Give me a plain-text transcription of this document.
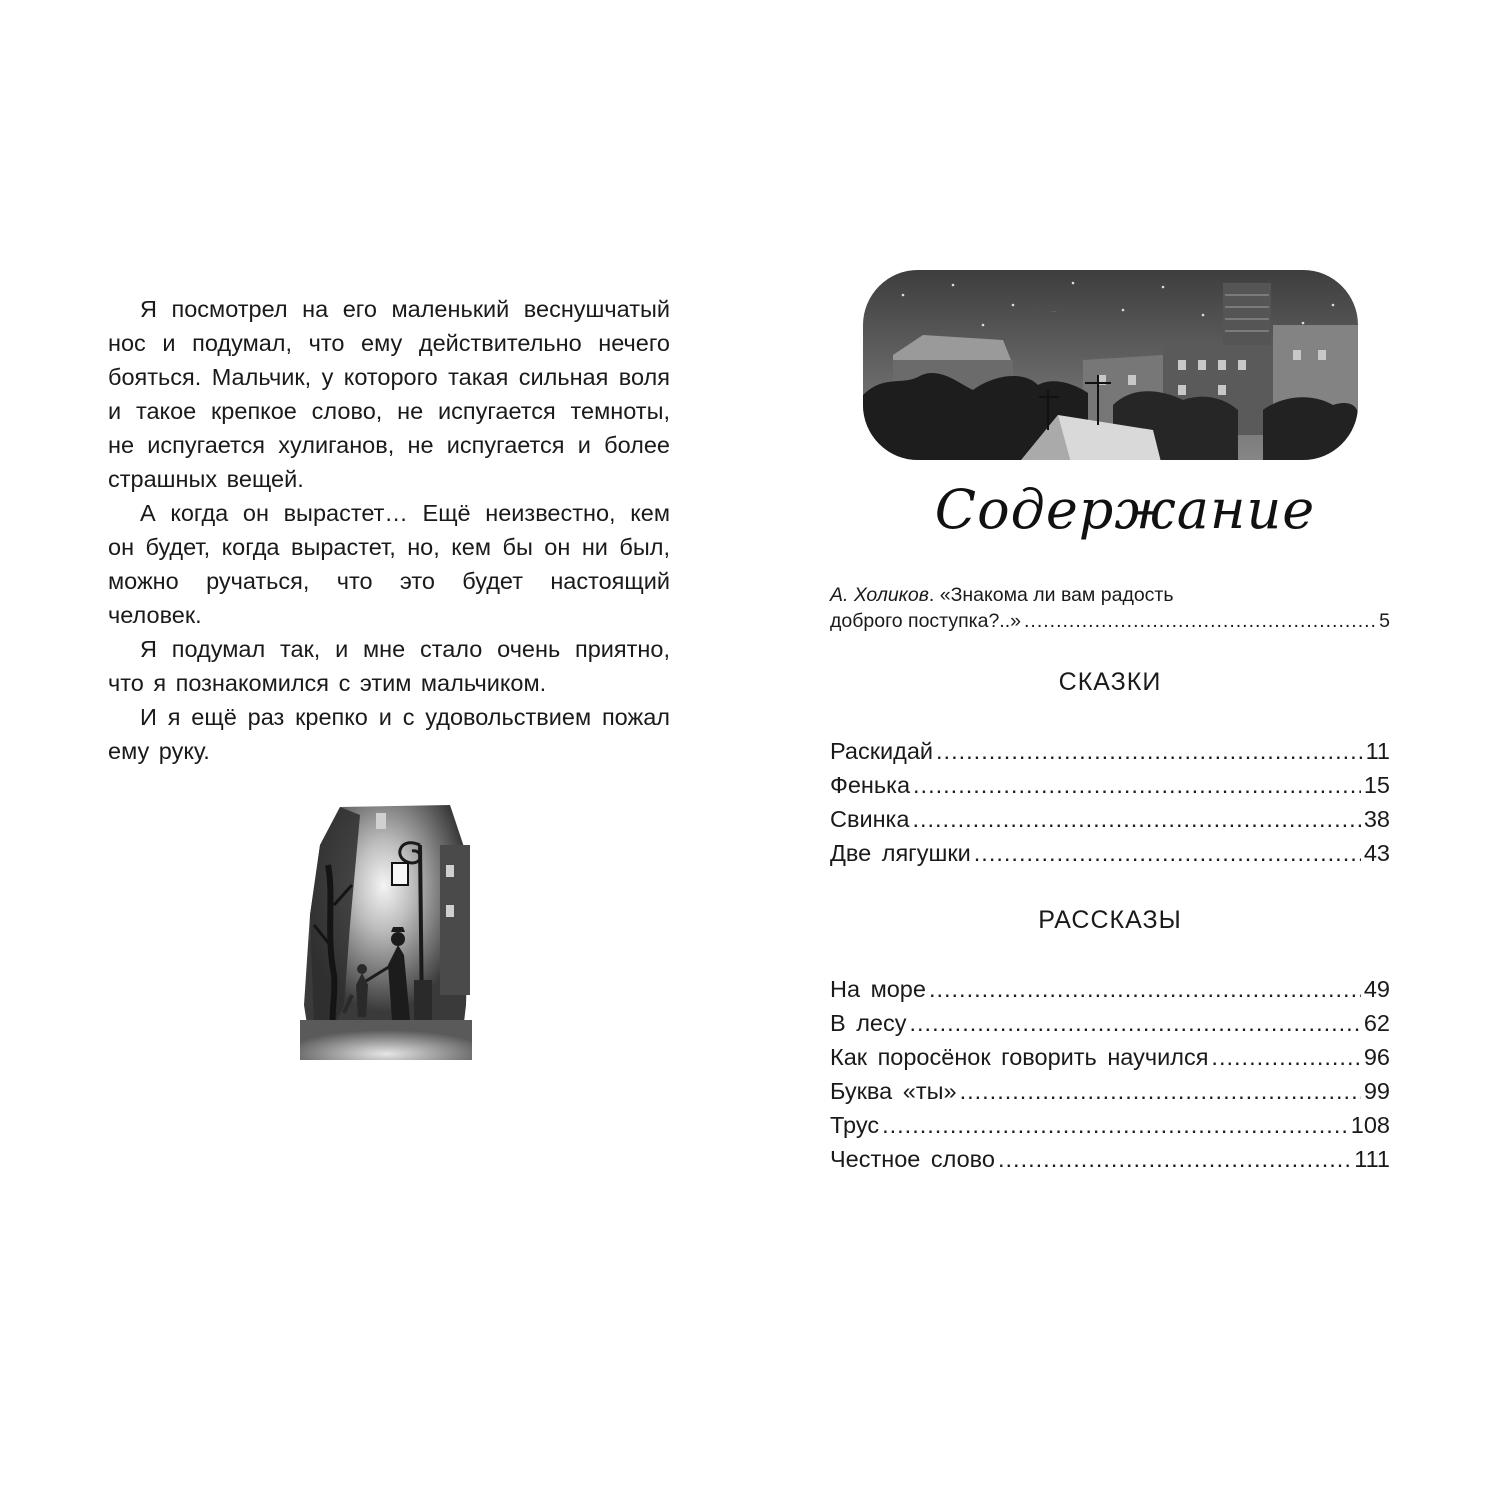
Я посмотрел на его маленький веснушчатый нос и подумал, что ему действительно нечего бояться. Мальчик, у которого такая сильная воля и такое крепкое слово, не испугается темноты, не испугается хулиганов, не испугается и более страшных вещей.

А когда он вырастет… Ещё неизвестно, кем он будет, когда вырастет, но, кем бы он ни был, можно ручаться, что это будет настоящий человек.

Я подумал так, и мне стало очень приятно, что я познакомился с этим мальчиком.

И я ещё раз крепко и с удовольствием пожал ему руку.

Содержание
А. Холиков. «Знакома ли вам радость
доброго поступка?..» .....	5
СКАЗКИ
Раскидай .....	11
Фенька .....	15
Свинка .....	38
Две лягушки .....	43
РАССКАЗЫ
На море .....	49
В лесу .....	62
Как поросёнок говорить научился .....	96
Буква «ты» .....	99
Трус .....	108
Честное слово .....	111
